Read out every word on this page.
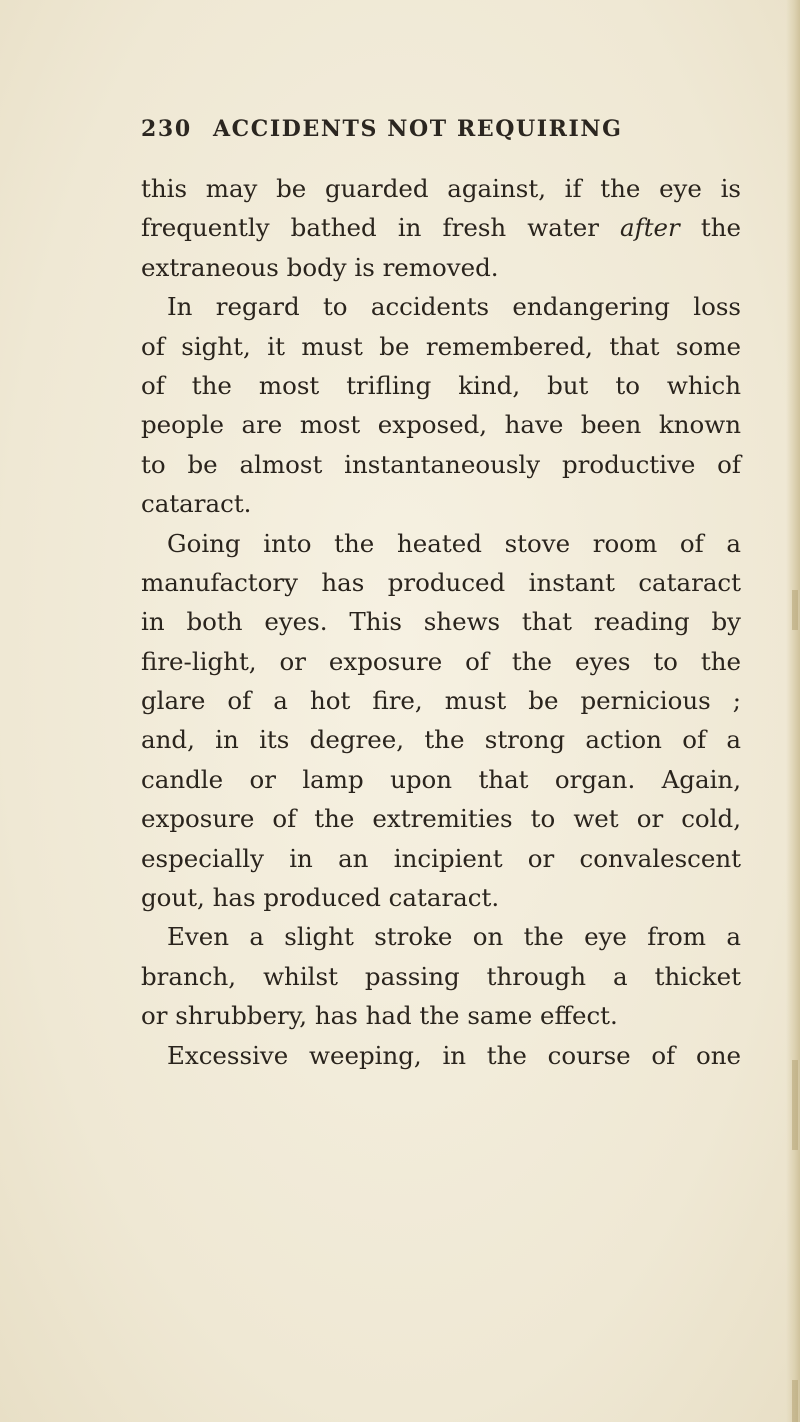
230 ACCIDENTS NOT REQUIRING
this may be guarded against, if the eye is
frequently bathed in fresh water after the
extraneous body is removed.
In regard to accidents endangering loss
of sight, it must be remembered, that some
of the most trifling kind, but to which
people are most exposed, have been known
to be almost instantaneously productive of
cataract.
Going into the heated stove room of a
manufactory has produced instant cataract
in both eyes. This shews that reading by
fire-light, or exposure of the eyes to the
glare of a hot fire, must be pernicious ;
and, in its degree, the strong action of a
candle or lamp upon that organ. Again,
exposure of the extremities to wet or cold,
especially in an incipient or convalescent
gout, has produced cataract.
Even a slight stroke on the eye from a
branch, whilst passing through a thicket
or shrubbery, has had the same effect.
Excessive weeping, in the course of one
